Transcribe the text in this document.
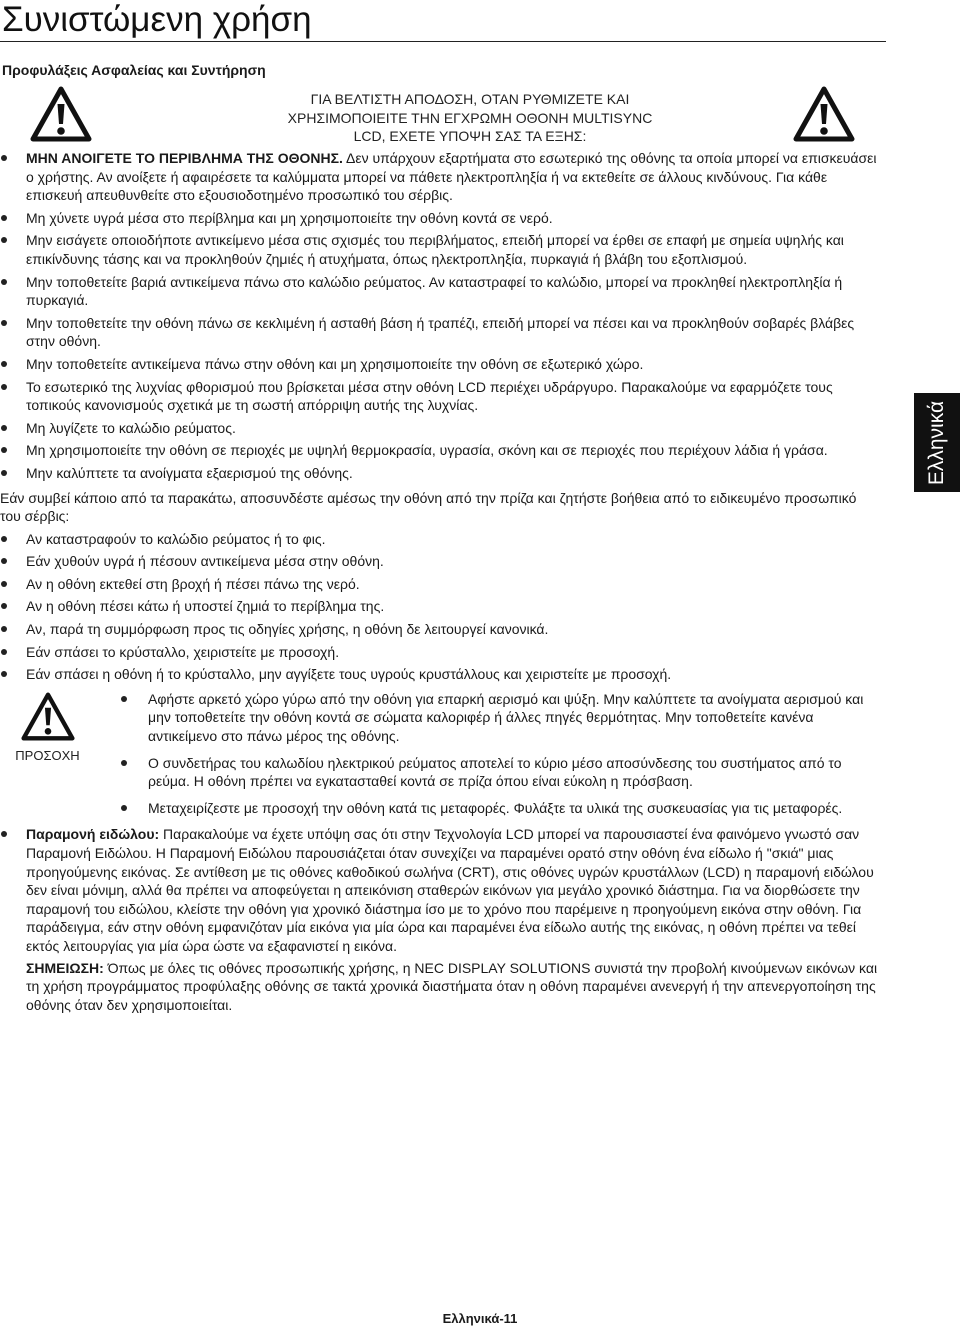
Συνιστώμενη χρήση
Προφυλάξεις Ασφαλείας και Συντήρηση
ΓΙΑ ΒΕΛΤΙΣΤΗ ΑΠΟΔΟΣΗ, ΟΤΑΝ ΡΥΘΜΙΖΕΤΕ ΚΑΙ
ΧΡΗΣΙΜΟΠΟΙΕΙΤΕ ΤΗΝ ΕΓΧΡΩΜΗ ΟΘΟΝΗ MULTISYNC
LCD, ΕΧΕΤΕ ΥΠΟΨΗ ΣΑΣ ΤΑ ΕΞΗΣ:
ΜΗΝ ΑΝΟΙΓΕΤΕ ΤΟ ΠΕΡΙΒΛΗΜΑ ΤΗΣ ΟΘΟΝΗΣ. Δεν υπάρχουν εξαρτήματα στο εσωτερικό της οθόνης τα οποία μπορεί να επισκευάσει ο χρήστης. Αν ανοίξετε ή αφαιρέσετε τα καλύμματα μπορεί να πάθετε ηλεκτροπληξία ή να εκτεθείτε σε άλλους κινδύνους. Για κάθε επισκευή απευθυνθείτε στο εξουσιοδοτημένο προσωπικό του σέρβις.
Μη χύνετε υγρά μέσα στο περίβλημα και μη χρησιμοποιείτε την οθόνη κοντά σε νερό.
Μην εισάγετε οποιοδήποτε αντικείμενο μέσα στις σχισμές του περιβλήματος, επειδή μπορεί να έρθει σε επαφή με σημεία υψηλής και επικίνδυνης τάσης και να προκληθούν ζημιές ή ατυχήματα, όπως ηλεκτροπληξία, πυρκαγιά ή βλάβη του εξοπλισμού.
Μην τοποθετείτε βαριά αντικείμενα πάνω στο καλώδιο ρεύματος. Αν καταστραφεί το καλώδιο, μπορεί να προκληθεί ηλεκτροπληξία ή πυρκαγιά.
Μην τοποθετείτε την οθόνη πάνω σε κεκλιμένη ή ασταθή βάση ή τραπέζι, επειδή μπορεί να πέσει και να προκληθούν σοβαρές βλάβες στην οθόνη.
Μην τοποθετείτε αντικείμενα πάνω στην οθόνη και μη χρησιμοποιείτε την οθόνη σε εξωτερικό χώρο.
Το εσωτερικό της λυχνίας φθορισμού που βρίσκεται μέσα στην οθόνη LCD περιέχει υδράργυρο. Παρακαλούμε να εφαρμόζετε τους τοπικούς κανονισμούς σχετικά με τη σωστή απόρριψη αυτής της λυχνίας.
Μη λυγίζετε το καλώδιο ρεύματος.
Μη χρησιμοποιείτε την οθόνη σε περιοχές με υψηλή θερμοκρασία, υγρασία, σκόνη και σε περιοχές που περιέχουν λάδια ή γράσα.
Μην καλύπτετε τα ανοίγματα εξαερισμού της οθόνης.

Εάν συμβεί κάποιο από τα παρακάτω, αποσυνδέστε αμέσως την οθόνη από την πρίζα και ζητήστε βοήθεια από το ειδικευμένο προσωπικό του σέρβις:

Αν καταστραφούν το καλώδιο ρεύματος ή το φις.
Εάν χυθούν υγρά ή πέσουν αντικείμενα μέσα στην οθόνη.
Αν η οθόνη εκτεθεί στη βροχή ή πέσει πάνω της νερό.
Αν η οθόνη πέσει κάτω ή υποστεί ζημιά το περίβλημα της.
Αν, παρά τη συμμόρφωση προς τις οδηγίες χρήσης, η οθόνη δε λειτουργεί κανονικά.
Εάν σπάσει το κρύσταλλο, χειριστείτε με προσοχή.
Εάν σπάσει η οθόνη ή το κρύσταλλο, μην αγγίξετε τους υγρούς κρυστάλλους και χειριστείτε με προσοχή.
ΠΡΟΣΟΧΗ
Αφήστε αρκετό χώρο γύρω από την οθόνη για επαρκή αερισμό και ψύξη. Μην καλύπτετε τα ανοίγματα αερισμού και μην τοποθετείτε την οθόνη κοντά σε σώματα καλοριφέρ ή άλλες πηγές θερμότητας. Μην τοποθετείτε κανένα αντικείμενο στο πάνω μέρος της οθόνης.
Ο συνδετήρας του καλωδίου ηλεκτρικού ρεύματος αποτελεί το κύριο μέσο αποσύνδεσης του συστήματος από το ρεύμα. Η οθόνη πρέπει να εγκατασταθεί κοντά σε πρίζα όπου είναι εύκολη η πρόσβαση.
Μεταχειρίζεστε με προσοχή την οθόνη κατά τις μεταφορές. Φυλάξτε τα υλικά της συσκευασίας για τις μεταφορές.
Παραμονή ειδώλου: Παρακαλούμε να έχετε υπόψη σας ότι στην Τεχνολογία LCD μπορεί να παρουσιαστεί ένα φαινόμενο γνωστό σαν Παραμονή Ειδώλου. Η Παραμονή Ειδώλου παρουσιάζεται όταν συνεχίζει να παραμένει ορατό στην οθόνη ένα είδωλο ή "σκιά" μιας προηγούμενης εικόνας. Σε αντίθεση με τις οθόνες καθοδικού σωλήνα (CRT), στις οθόνες υγρών κρυστάλλων (LCD) η παραμονή ειδώλου δεν είναι μόνιμη, αλλά θα πρέπει να αποφεύγεται η απεικόνιση σταθερών εικόνων για μεγάλο χρονικό διάστημα. Για να διορθώσετε την παραμονή του ειδώλου, κλείστε την οθόνη για χρονικό διάστημα ίσο με το χρόνο που παρέμεινε η προηγούμενη εικόνα στην οθόνη. Για παράδειγμα, εάν στην οθόνη εμφανιζόταν μία εικόνα για μία ώρα και παραμένει ένα είδωλο αυτής της εικόνας, η οθόνη πρέπει να τεθεί εκτός λειτουργίας για μία ώρα ώστε να εξαφανιστεί η εικόνα.
ΣΗΜΕΙΩΣΗ: Όπως με όλες τις οθόνες προσωπικής χρήσης, η NEC DISPLAY SOLUTIONS συνιστά την προβολή κινούμενων εικόνων και τη χρήση προγράμματος προφύλαξης οθόνης σε τακτά χρονικά διαστήματα όταν η οθόνη παραμένει ανενεργή ή την απενεργοποίηση της οθόνης όταν δεν χρησιμοποιείται.
Ελληνικά
Ελληνικά-11
